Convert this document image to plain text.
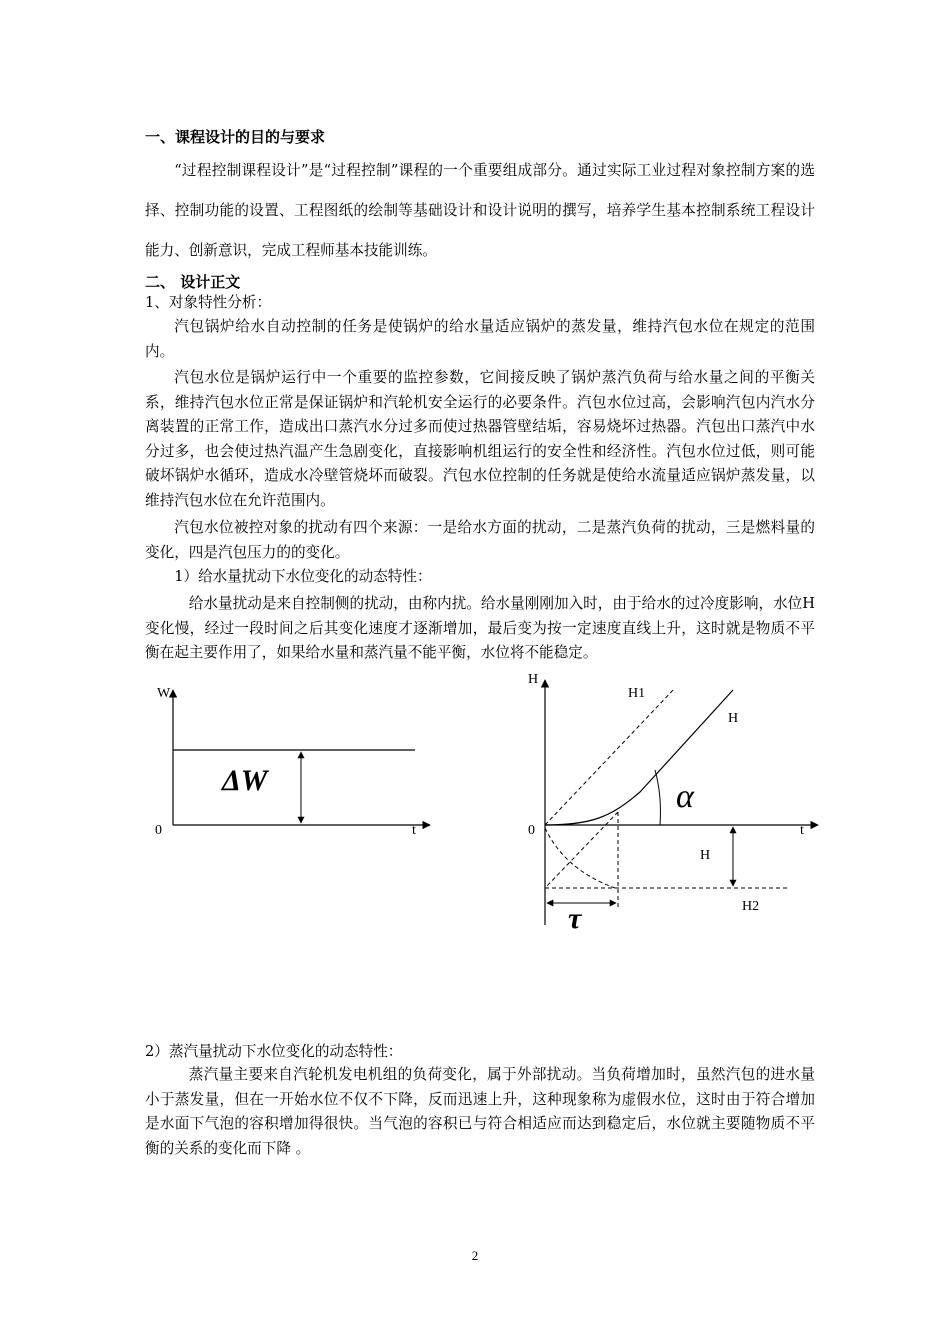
一、课程设计的目的与要求
“过程控制课程设计”是“过程控制”课程的一个重要组成部分。通过实际工业过程对象控制方案的选择、控制功能的设置、工程图纸的绘制等基础设计和设计说明的撰写，培养学生基本控制系统工程设计能力、创新意识，完成工程师基本技能训练。
二、 设计正文
1、对象特性分析：
汽包锅炉给水自动控制的任务是使锅炉的给水量适应锅炉的蒸发量，维持汽包水位在规定的范围内。
汽包水位是锅炉运行中一个重要的监控参数，它间接反映了锅炉蒸汽负荷与给水量之间的平衡关系，维持汽包水位正常是保证锅炉和汽轮机安全运行的必要条件。汽包水位过高，会影响汽包内汽水分离装置的正常工作，造成出口蒸汽水分过多而使过热器管壁结垢，容易烧坏过热器。汽包出口蒸汽中水分过多，也会使过热汽温产生急剧变化，直接影响机组运行的安全性和经济性。汽包水位过低，则可能破坏锅炉水循环，造成水冷壁管烧坏而破裂。汽包水位控制的任务就是使给水流量适应锅炉蒸发量，以维持汽包水位在允许范围内。
汽包水位被控对象的扰动有四个来源：一是给水方面的扰动，二是蒸汽负荷的扰动，三是燃料量的变化，四是汽包压力的的变化。
1）给水量扰动下水位变化的动态特性：
给水量扰动是来自控制侧的扰动，由称内扰。给水量刚刚加入时，由于给水的过冷度影响，水位H变化慢，经过一段时间之后其变化速度才逐渐增加，最后变为按一定速度直线上升，这时就是物质不平衡在起主要作用了，如果给水量和蒸汽量不能平衡，水位将不能稳定。
W
0	t
ΔW
H
0	t
H1
H
H
H2
α
τ
2）蒸汽量扰动下水位变化的动态特性：
蒸汽量主要来自汽轮机发电机组的负荷变化，属于外部扰动。当负荷增加时，虽然汽包的进水量小于蒸发量，但在一开始水位不仅不下降，反而迅速上升，这种现象称为虚假水位，这时由于符合增加是水面下气泡的容积增加得很快。当气泡的容积已与符合相适应而达到稳定后，水位就主要随物质不平衡的关系的变化而下降 。
2
